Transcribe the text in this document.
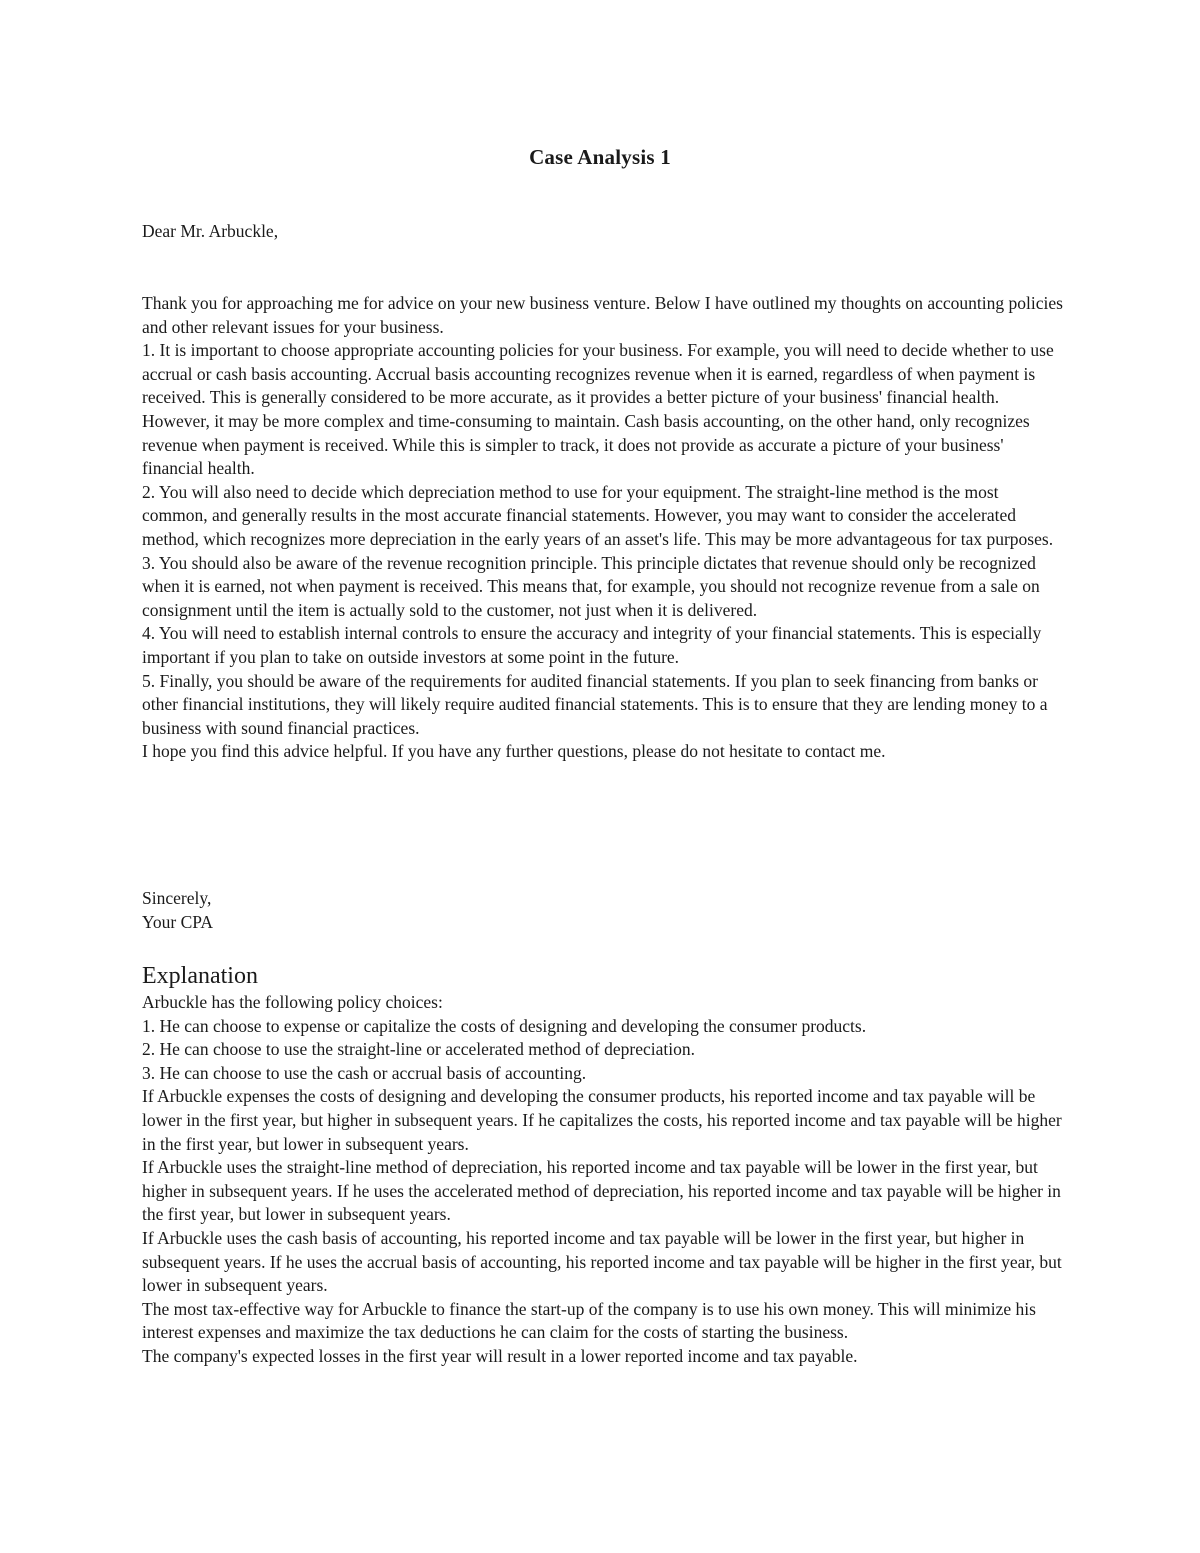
Case Analysis 1
Dear Mr. Arbuckle,

Thank you for approaching me for advice on your new business venture. Below I have outlined my thoughts on accounting policies and other relevant issues for your business.

1. It is important to choose appropriate accounting policies for your business. For example, you will need to decide whether to use accrual or cash basis accounting. Accrual basis accounting recognizes revenue when it is earned, regardless of when payment is received. This is generally considered to be more accurate, as it provides a better picture of your business' financial health. However, it may be more complex and time-consuming to maintain. Cash basis accounting, on the other hand, only recognizes revenue when payment is received. While this is simpler to track, it does not provide as accurate a picture of your business' financial health.

2. You will also need to decide which depreciation method to use for your equipment. The straight-line method is the most common, and generally results in the most accurate financial statements. However, you may want to consider the accelerated method, which recognizes more depreciation in the early years of an asset's life. This may be more advantageous for tax purposes.

3. You should also be aware of the revenue recognition principle. This principle dictates that revenue should only be recognized when it is earned, not when payment is received. This means that, for example, you should not recognize revenue from a sale on consignment until the item is actually sold to the customer, not just when it is delivered.

4. You will need to establish internal controls to ensure the accuracy and integrity of your financial statements. This is especially important if you plan to take on outside investors at some point in the future.

5. Finally, you should be aware of the requirements for audited financial statements. If you plan to seek financing from banks or other financial institutions, they will likely require audited financial statements. This is to ensure that they are lending money to a business with sound financial practices.

I hope you find this advice helpful. If you have any further questions, please do not hesitate to contact me.

Sincerely,

Your CPA

Explanation

Arbuckle has the following policy choices:

1. He can choose to expense or capitalize the costs of designing and developing the consumer products.

2. He can choose to use the straight-line or accelerated method of depreciation.

3. He can choose to use the cash or accrual basis of accounting.

If Arbuckle expenses the costs of designing and developing the consumer products, his reported income and tax payable will be lower in the first year, but higher in subsequent years. If he capitalizes the costs, his reported income and tax payable will be higher in the first year, but lower in subsequent years.

If Arbuckle uses the straight-line method of depreciation, his reported income and tax payable will be lower in the first year, but higher in subsequent years. If he uses the accelerated method of depreciation, his reported income and tax payable will be higher in the first year, but lower in subsequent years.

If Arbuckle uses the cash basis of accounting, his reported income and tax payable will be lower in the first year, but higher in subsequent years. If he uses the accrual basis of accounting, his reported income and tax payable will be higher in the first year, but lower in subsequent years.

The most tax-effective way for Arbuckle to finance the start-up of the company is to use his own money. This will minimize his interest expenses and maximize the tax deductions he can claim for the costs of starting the business.

The company's expected losses in the first year will result in a lower reported income and tax payable.
